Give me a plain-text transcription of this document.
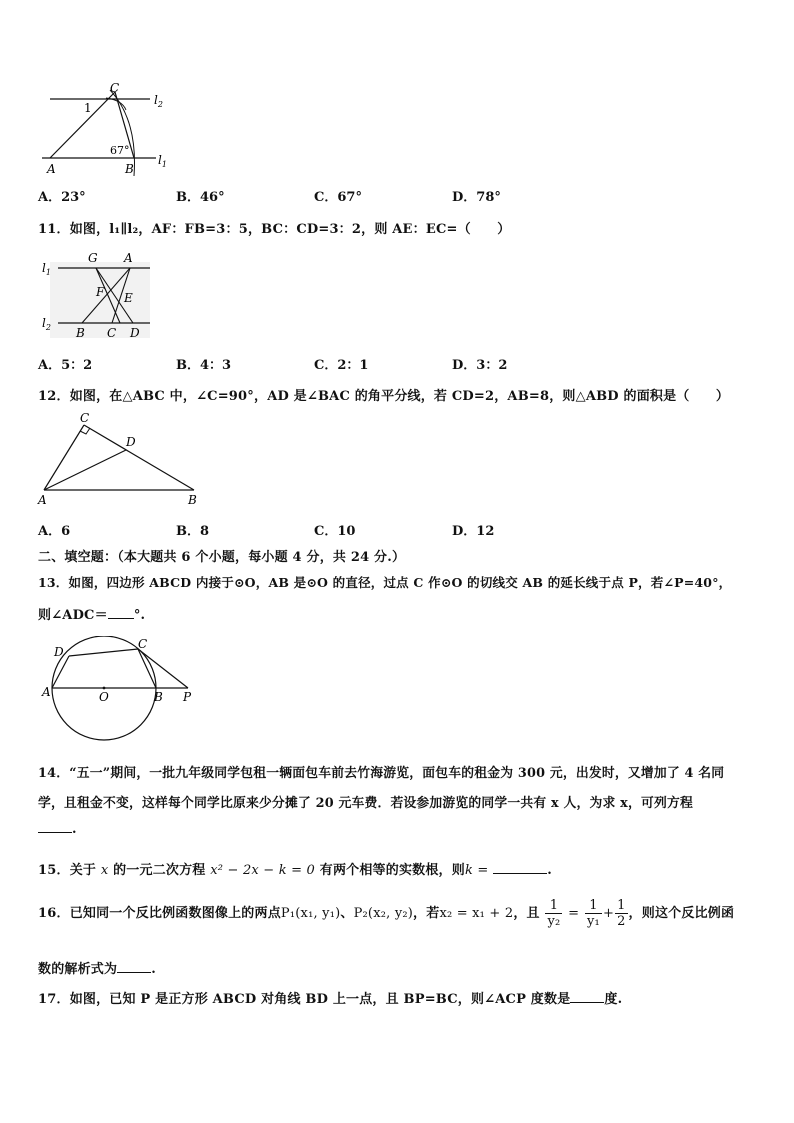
C
$l_2$
1
67°
A	B
$l_1$
A．23°	B．46°	C．67°	D．78°
11．如图，l₁∥l₂，AF：FB=3：5，BC：CD=3：2，则 AE：EC=（　　）
G A
$l_1$
F E
$l_2$ B C D
A．5：2	B．4：3	C．2：1	D．3：2
12．如图，在△ABC 中，∠C=90°，AD 是∠BAC 的角平分线，若 CD=2，AB=8，则△ABD 的面积是（　　）
C
D
A	B
A．6	B．8	C．10	D．12
二、填空题：（本大题共 6 个小题，每小题 4 分，共 24 分.）
13．如图，四边形 ABCD 内接于⊙O，AB 是⊙O 的直径，过点 C 作⊙O 的切线交 AB 的延长线于点 P，若∠P=40°，
则∠ADC＝ °.
D
C
A	O	B P
14．“五一”期间，一批九年级同学包租一辆面包车前去竹海游览，面包车的租金为 300 元，出发时，又增加了 4 名同
学，且租金不变，这样每个同学比原来少分摊了 20 元车费．若设参加游览的同学一共有 x 人，为求 x，可列方程
.
15．关于 x 的一元二次方程 x² − 2x − k = 0 有两个相等的实数根，则k =	.
16．已知同一个反比例函数图像上的两点P₁(x₁, y₁)、P₂(x₂, y₂)，若x₂ = x₁ + 2，且 $\frac{1}{\text{y₂}} = \frac{1}{\text{y₁}} + \frac{1}{2}$ ，则这个反比例函
数的解析式为	.
17．如图，已知 P 是正方形 ABCD 对角线 BD 上一点，且 BP=BC，则∠ACP 度数是	度.
